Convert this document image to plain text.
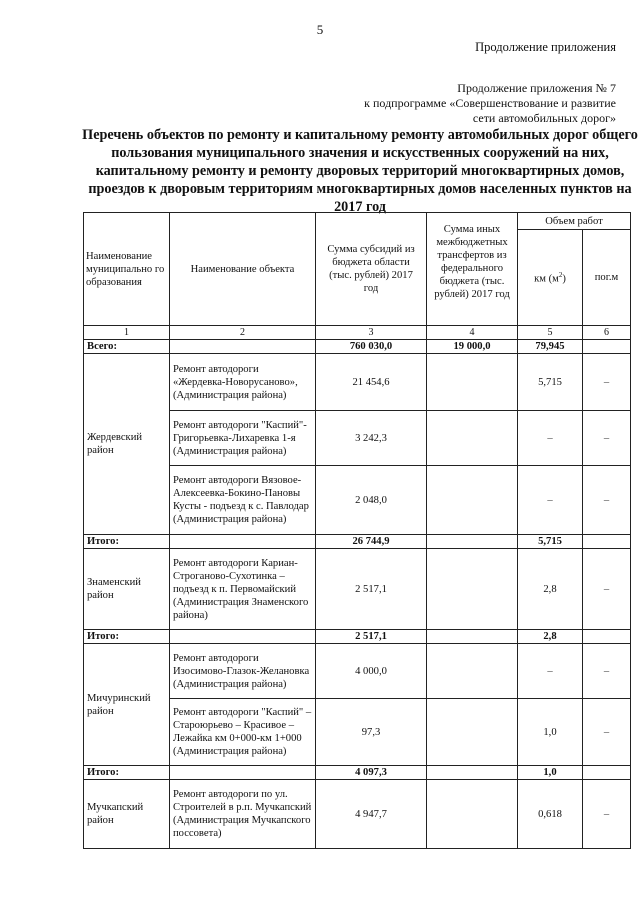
5
Продолжение приложения
Продолжение приложения № 7
к подпрограмме «Совершенствование и развитие
сети автомобильных дорог»
Перечень объектов по ремонту и капитальному ремонту автомобильных дорог общего пользования муниципального значения и искусственных сооружений на них, капитальному ремонту и ремонту дворовых территорий многоквартирных домов, проездов к дворовым территориям многоквартирных домов населенных пунктов на 2017 год
Наименование муниципально го образования	Наименование объекта	Сумма субсидий из бюджета области (тыс. рублей) 2017 год	Сумма иных межбюджетных трансфертов из федерального бюджета (тыс. рублей) 2017 год	Объем работ	
				км $(м^2)$	пог.м
1	2	3	4	5	6
Всего:		760 030,0	19 000,0	79,945	
Жердевский район	Ремонт автодороги «Жердевка-Новорусаново», (Администрация района)	21 454,6		5,715	–
	Ремонт автодороги "Каспий"- Григорьевка-Лихаревка 1-я (Администрация района)	3 242,3		–	–
	Ремонт автодороги Вязовое- Алексеевка-Бокино-Пановы Кусты - подъезд к с. Павлодар (Администрация района)	2 048,0		–	–
Итого:		26 744,9		5,715	
Знаменский район	Ремонт автодороги Кариан-Строганово-Сухотинка – подъезд к п. Первомайский (Администрация Знаменского района)	2 517,1		2,8	–
Итого:		2 517,1		2,8	
Мичуринский район	Ремонт автодороги Изосимово-Глазок-Желановка (Администрация района)	4 000,0		–	–
	Ремонт автодороги "Каспий" – Староюрьево – Красивое – Лежайка км 0+000-км 1+000 (Администрация района)	97,3		1,0	–
Итого:		4 097,3		1,0	
Мучкапский район	Ремонт автодороги по ул. Строителей в р.п. Мучкапский (Администрация Мучкапского поссовета)	4 947,7		0,618	–
